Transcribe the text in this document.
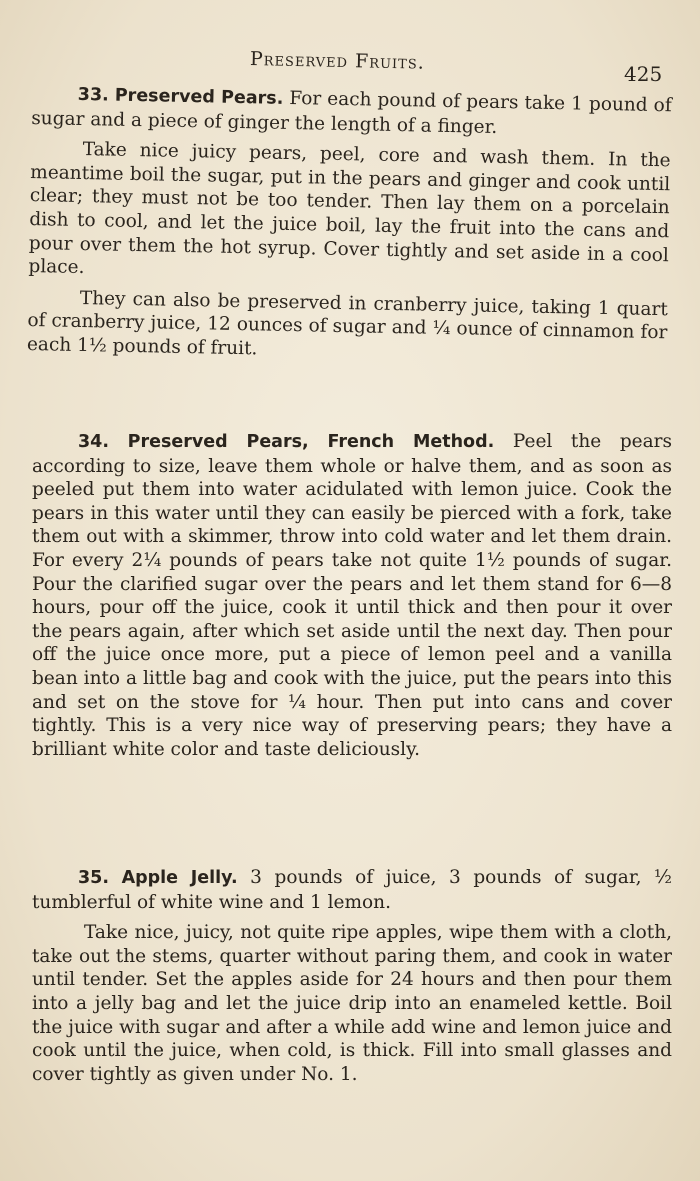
Preserved Fruits.
425

33. Preserved Pears. For each pound of pears take 1 pound of sugar and a piece of ginger the length of a finger.

Take nice juicy pears, peel, core and wash them. In the meantime boil the sugar, put in the pears and ginger and cook until clear; they must not be too tender. Then lay them on a porcelain dish to cool, and let the juice boil, lay the fruit into the cans and pour over them the hot syrup. Cover tightly and set aside in a cool place.

They can also be preserved in cranberry juice, taking 1 quart of cranberry juice, 12 ounces of sugar and ¼ ounce of cinnamon for each 1½ pounds of fruit.

34. Preserved Pears, French Method. Peel the pears according to size, leave them whole or halve them, and as soon as peeled put them into water acidulated with lemon juice. Cook the pears in this water until they can easily be pierced with a fork, take them out with a skimmer, throw into cold water and let them drain. For every 2¼ pounds of pears take not quite 1½ pounds of sugar. Pour the clarified sugar over the pears and let them stand for 6—8 hours, pour off the juice, cook it until thick and then pour it over the pears again, after which set aside until the next day. Then pour off the juice once more, put a piece of lemon peel and a vanilla bean into a little bag and cook with the juice, put the pears into this and set on the stove for ¼ hour. Then put into cans and cover tightly. This is a very nice way of preserving pears; they have a brilliant white color and taste deliciously.

35. Apple Jelly. 3 pounds of juice, 3 pounds of sugar, ½ tumblerful of white wine and 1 lemon.

Take nice, juicy, not quite ripe apples, wipe them with a cloth, take out the stems, quarter without paring them, and cook in water until tender. Set the apples aside for 24 hours and then pour them into a jelly bag and let the juice drip into an enameled kettle. Boil the juice with sugar and after a while add wine and lemon juice and cook until the juice, when cold, is thick. Fill into small glasses and cover tightly as given under No. 1.
